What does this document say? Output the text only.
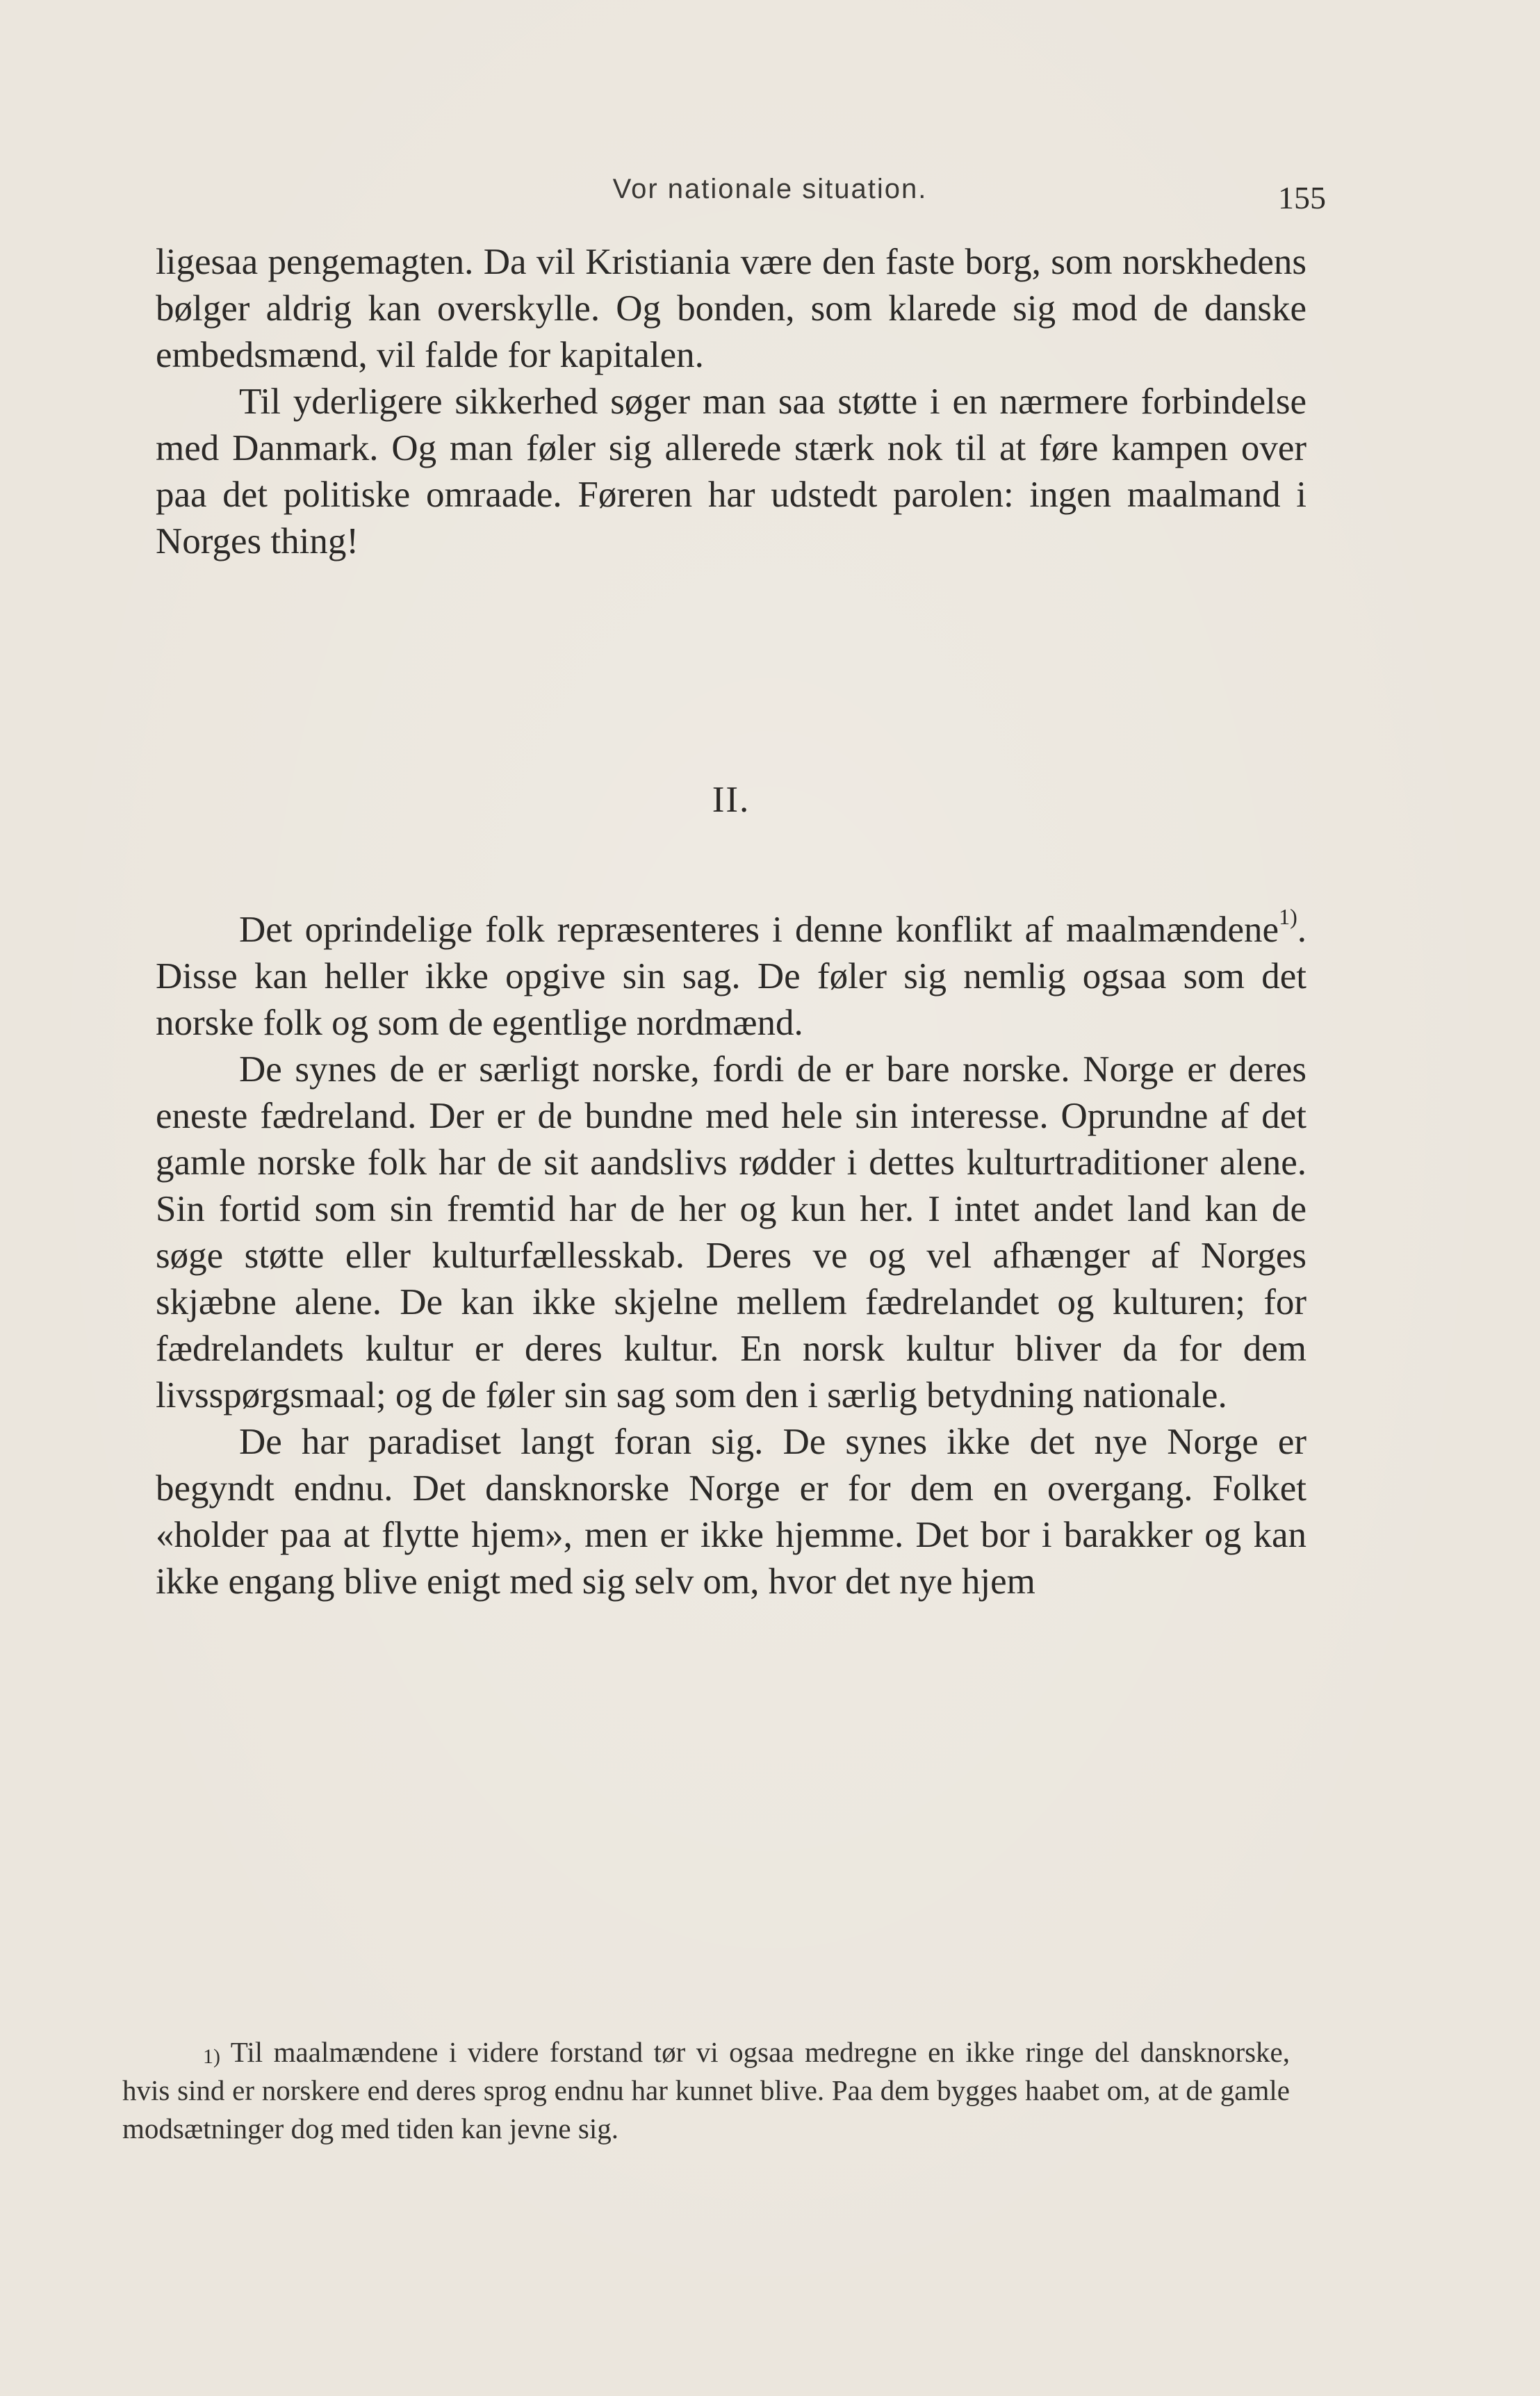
Vor nationale situation.	155

ligesaa pengemagten. Da vil Kristiania være den faste borg, som norskhedens bølger aldrig kan overskylle. Og bonden, som klarede sig mod de danske embedsmænd, vil falde for kapitalen.

Til yderligere sikkerhed søger man saa støtte i en nærmere forbindelse med Danmark. Og man føler sig allerede stærk nok til at føre kampen over paa det politiske omraade. Føreren har udstedt parolen: ingen maalmand i Norges thing!

II.

Det oprindelige folk repræsenteres i denne konflikt af maalmændene$^{1)}$. Disse kan heller ikke opgive sin sag. De føler sig nemlig ogsaa som det norske folk og som de egentlige nordmænd.

De synes de er særligt norske, fordi de er bare norske. Norge er deres eneste fædreland. Der er de bundne med hele sin interesse. Oprundne af det gamle norske folk har de sit aandslivs rødder i dettes kulturtraditioner alene. Sin fortid som sin fremtid har de her og kun her. I intet andet land kan de søge støtte eller kulturfællesskab. Deres ve og vel afhænger af Norges skjæbne alene. De kan ikke skjelne mellem fædrelandet og kulturen; for fædrelandets kultur er deres kultur. En norsk kultur bliver da for dem livsspørgsmaal; og de føler sin sag som den i særlig betydning nationale.

De har paradiset langt foran sig. De synes ikke det nye Norge er begyndt endnu. Det dansknorske Norge er for dem en overgang. Folket «holder paa at flytte hjem», men er ikke hjemme. Det bor i barakker og kan ikke engang blive enigt med sig selv om, hvor det nye hjem

$^{1)}$ Til maalmændene i videre forstand tør vi ogsaa medregne en ikke ringe del dansknorske, hvis sind er norskere end deres sprog endnu har kunnet blive. Paa dem bygges haabet om, at de gamle modsætninger dog med tiden kan jevne sig.
